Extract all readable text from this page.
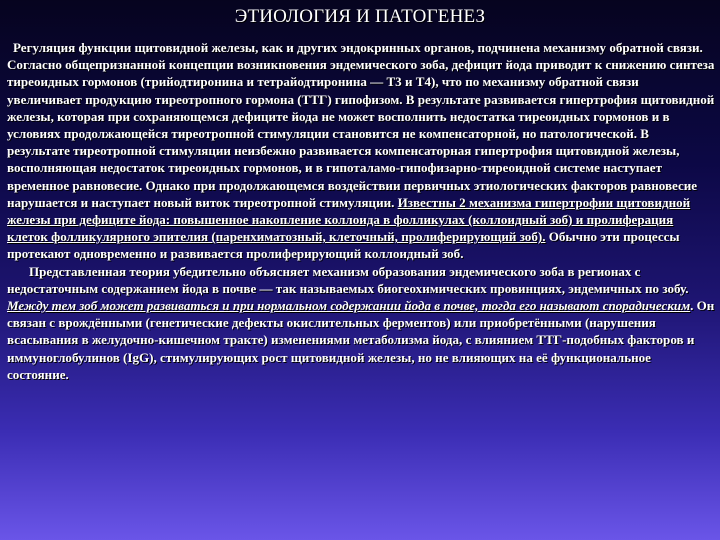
ЭТИОЛОГИЯ И ПАТОГЕНЕЗ

Регуляция функции щитовидной железы, как и других эндокринных органов, подчинена механизму обратной связи. Согласно общепризнанной концепции возникновения эндемического зоба, дефицит йода приводит к снижению синтеза тиреоидных гормонов (трийодтиронина и тетрайодтиронина — Т3 и Т4), что по механизму обратной связи увеличивает продукцию тиреотропного гормона (ТТГ) гипофизом. В результате развивается гипертрофия щитовидной железы, которая при сохраняющемся дефиците йода не может восполнить недостатка тиреоидных гормонов и в условиях продолжающейся тиреотропной стимуляции становится не компенсаторной, но патологической. В результате тиреотропной стимуляции неизбежно развивается компенсаторная гипертрофия щитовидной железы, восполняющая недостаток тиреоидных гормонов, и в гипоталамо-гипофизарно-тиреоидной системе наступает временное равновесие. Однако при продолжающемся воздействии первичных этиологических факторов равновесие нарушается и наступает новый виток тиреотропной стимуляции. Известны 2 механизма гипертрофии щитовидной железы при дефиците йода: повышенное накопление коллоида в фолликулах (коллоидный зоб) и пролиферация клеток фолликулярного эпителия (паренхиматозный, клеточный, пролиферирующий зоб). Обычно эти процессы протекают одновременно и развивается пролиферирующий коллоидный зоб.

Представленная теория убедительно объясняет механизм образования эндемического зоба в регионах с недостаточным содержанием йода в почве — так называемых биогеохимических провинциях, эндемичных по зобу. Между тем зоб может развиваться и при нормальном содержании йода в почве, тогда его называют спорадическим. Он связан с врождёнными (генетические дефекты окислительных ферментов) или приобретёнными (нарушения всасывания в желудочно-кишечном тракте) изменениями метаболизма йода, с влиянием ТТГ-подобных факторов и иммуноглобулинов (IgG), стимулирующих рост щитовидной железы, но не влияющих на её функциональное состояние.
